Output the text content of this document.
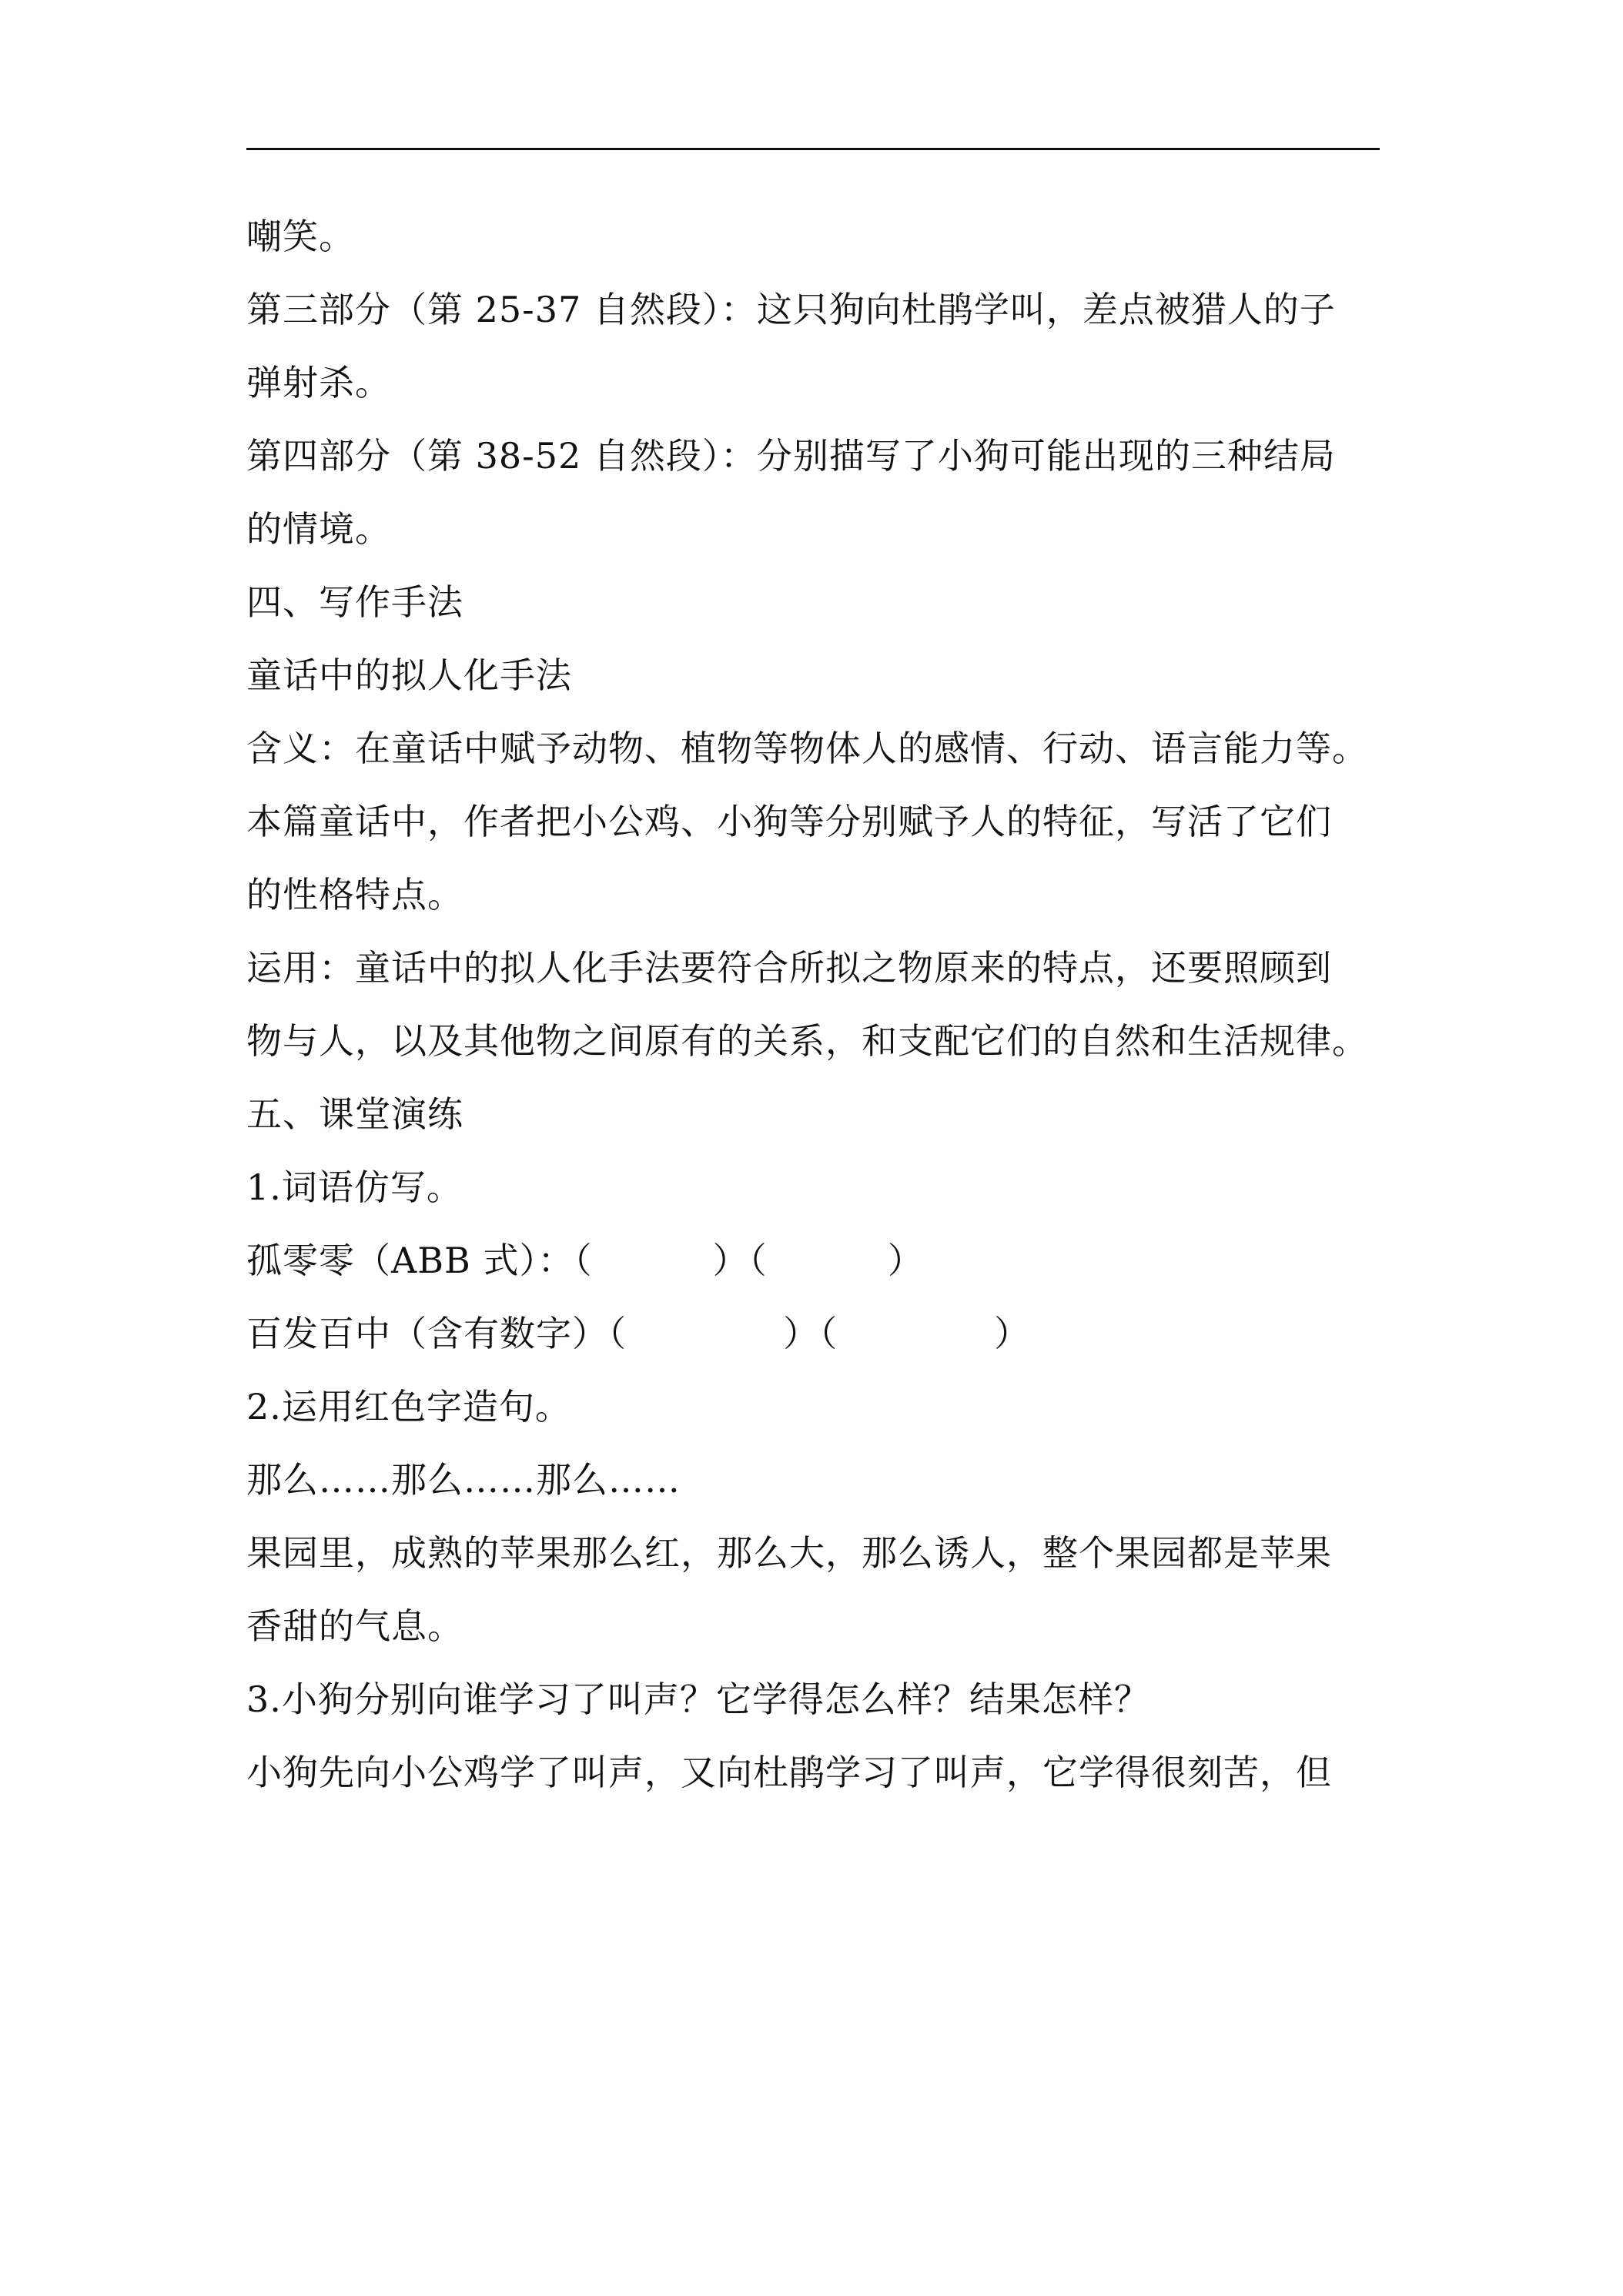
嘲笑。
第三部分（第 25-37 自然段）：这只狗向杜鹃学叫，差点被猎人的子
弹射杀。
第四部分（第 38-52 自然段）：分别描写了小狗可能出现的三种结局
的情境。
四、写作手法
童话中的拟人化手法
含义：在童话中赋予动物、植物等物体人的感情、行动、语言能力等。
本篇童话中，作者把小公鸡、小狗等分别赋予人的特征，写活了它们
的性格特点。
运用：童话中的拟人化手法要符合所拟之物原来的特点，还要照顾到
物与人，以及其他物之间原有的关系，和支配它们的自然和生活规律。
五、课堂演练
1.词语仿写。
孤零零（ABB 式）：（          ）（          ）
百发百中（含有数字）（             ）（             ）
2.运用红色字造句。
那么……那么……那么……
果园里，成熟的苹果那么红，那么大，那么诱人，整个果园都是苹果
香甜的气息。
3.小狗分别向谁学习了叫声？它学得怎么样？结果怎样？
小狗先向小公鸡学了叫声，又向杜鹃学习了叫声，它学得很刻苦，但
